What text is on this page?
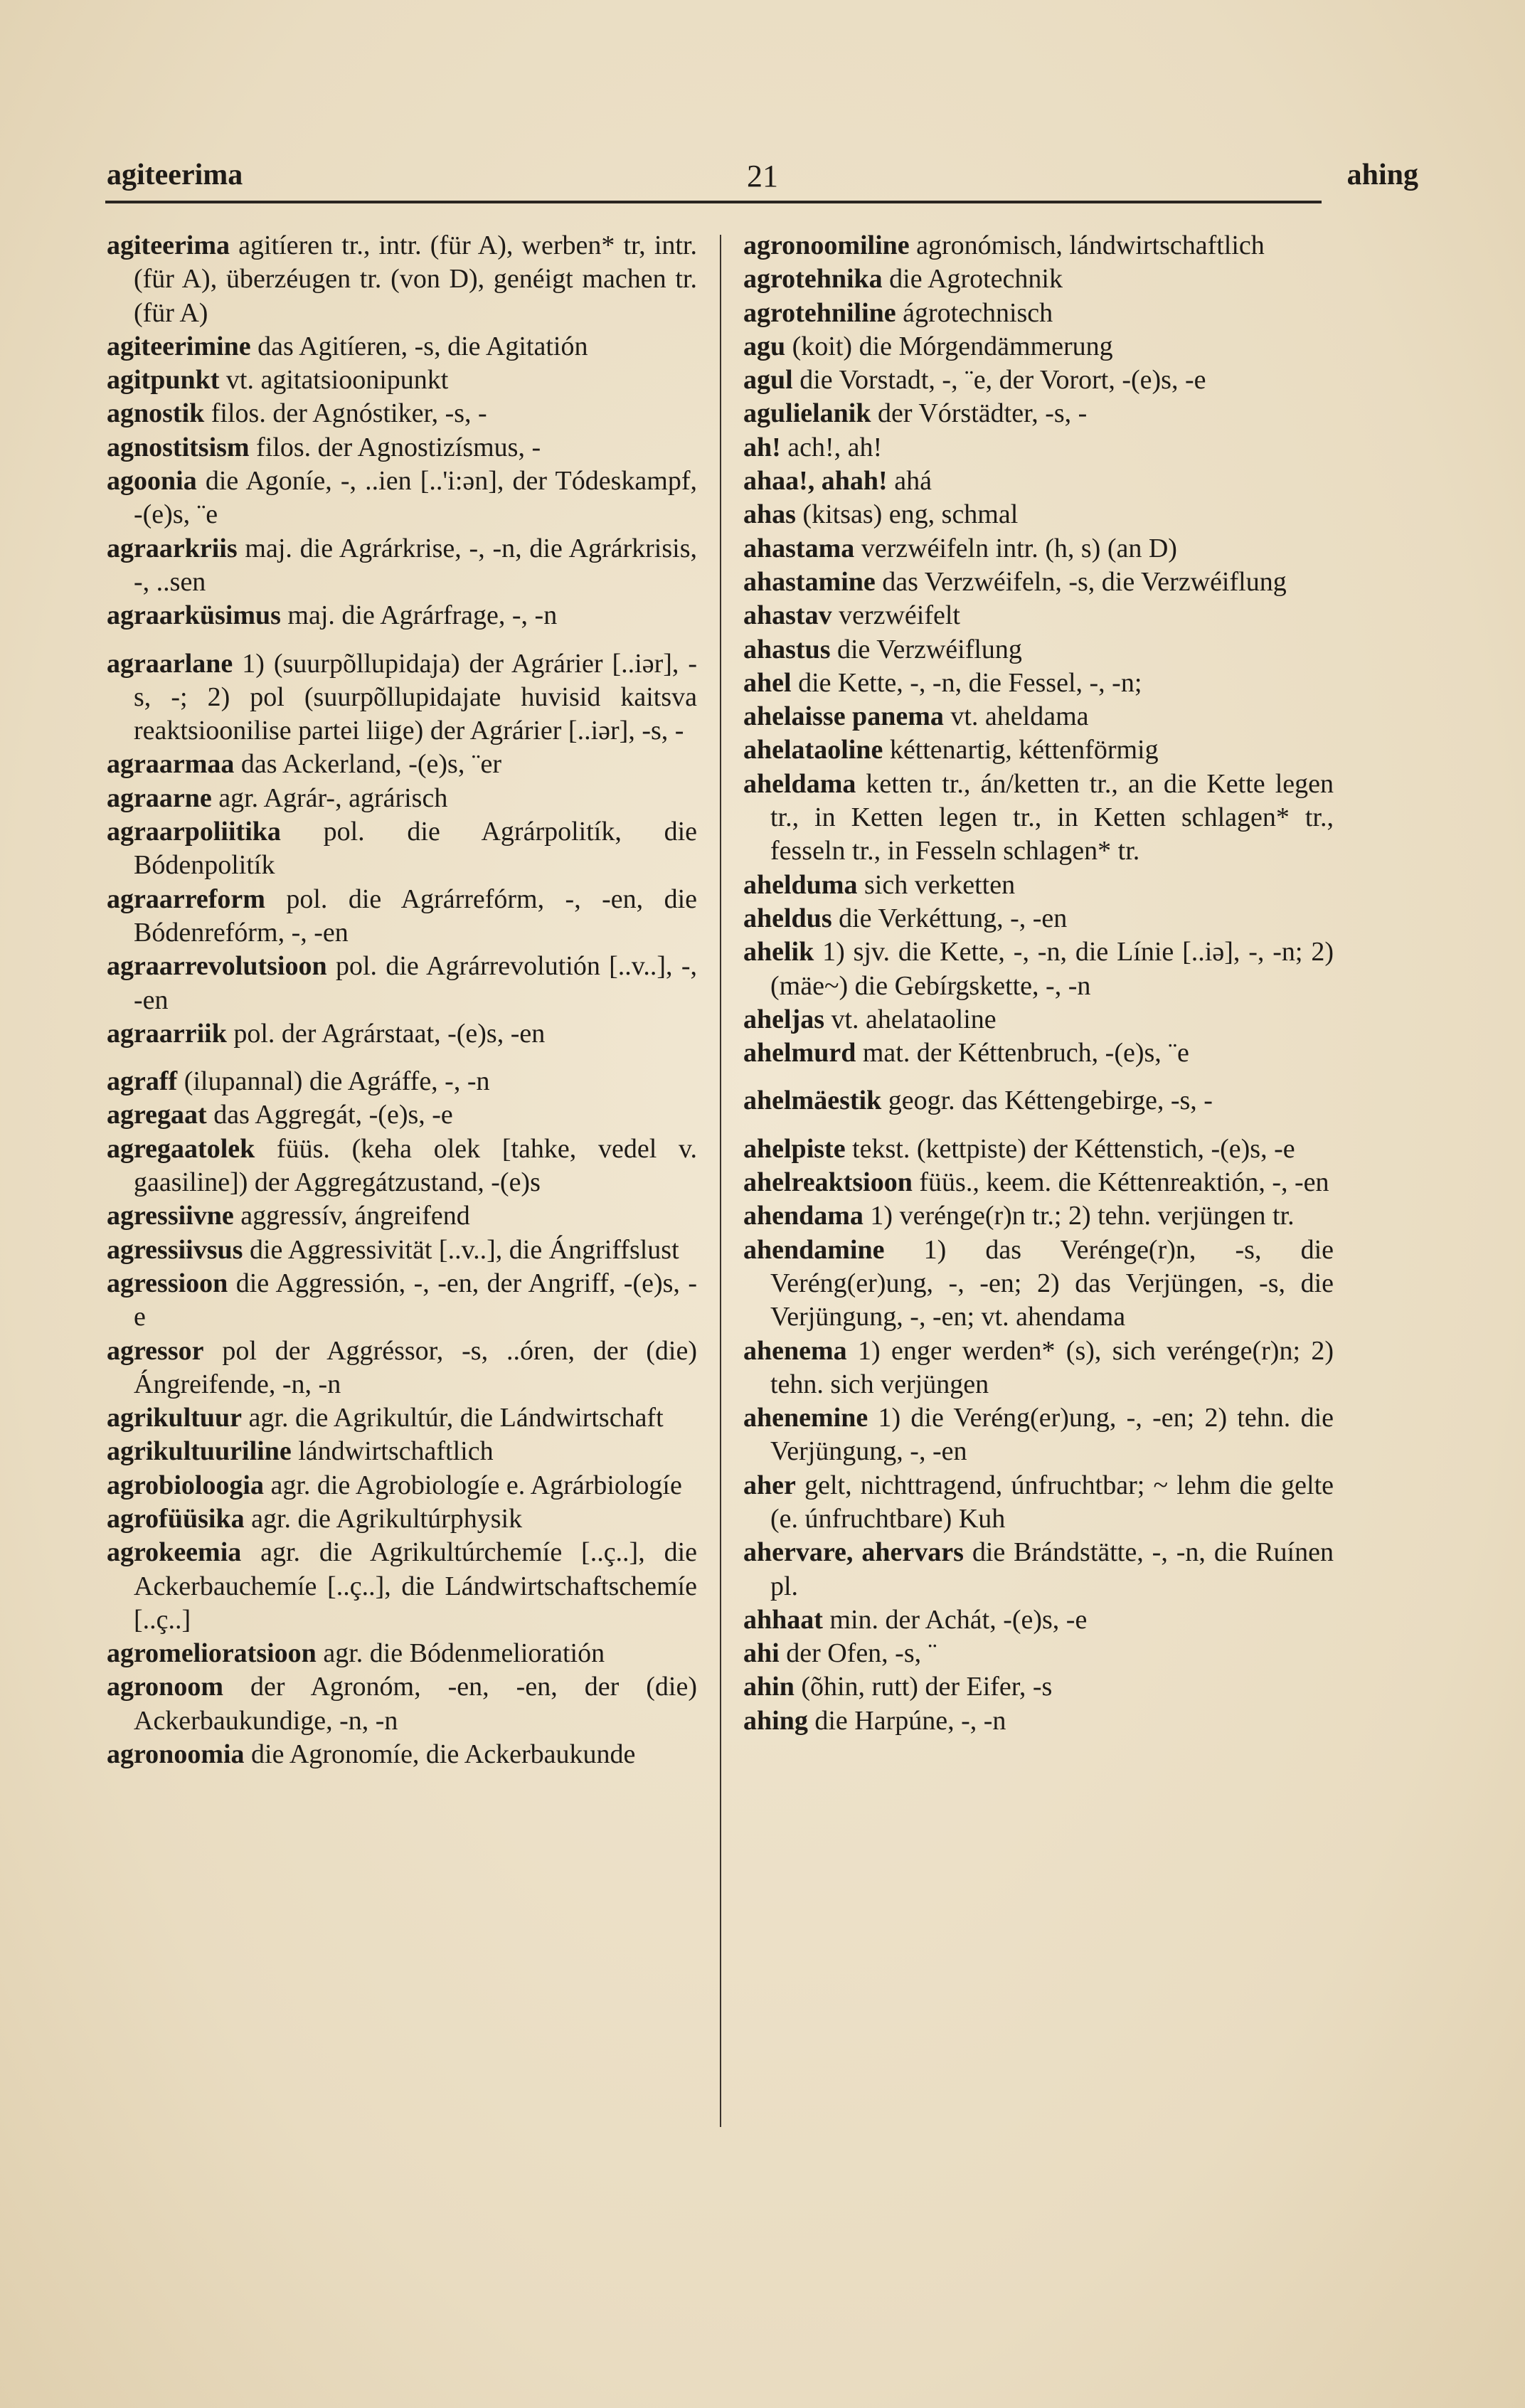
agiteerima	21	ahing

agiteerima agitíeren tr., intr. (für A), werben* tr, intr. (für A), überzéugen tr. (von D), genéigt machen tr. (für A)

agiteerimine das Agitíeren, -s, die Agitatión

agitpunkt vt. agitatsioonipunkt

agnostik filos. der Agnóstiker, -s, -

agnostitsism filos. der Agnostizísmus, -

agoonia die Agoníe, -, ..ien [..'i:ən], der Tódeskampf, -(e)s, ¨e

agraarkriis maj. die Agrárkrise, -, -n, die Agrárkrisis, -, ..sen

agraarküsimus maj. die Agrárfrage, -, -n

agraarlane 1) (suurpõllupidaja) der Agrárier [..iər], -s, -; 2) pol (suurpõllupidajate huvisid kaitsva reaktsioonilise partei liige) der Agrárier [..iər], -s, -

agraarmaa das Ackerland, -(e)s, ¨er

agraarne agr. Agrár-, agrárisch

agraarpoliitika pol. die Agrárpolitík, die Bódenpolitík

agraarreform pol. die Agrárrefórm, -, -en, die Bódenrefórm, -, -en

agraarrevolutsioon pol. die Agrárrevolutión [..v..], -, -en

agraarriik pol. der Agrárstaat, -(e)s, -en

agraff (ilupannal) die Agráffe, -, -n

agregaat das Aggregát, -(e)s, -e

agregaatolek füüs. (keha olek [tahke, vedel v. gaasiline]) der Aggregátzustand, -(e)s

agressiivne aggressív, ángreifend

agressiivsus die Aggressivität [..v..], die Ángriffslust

agressioon die Aggressión, -, -en, der Angriff, -(e)s, -e

agressor pol der Aggréssor, -s, ..óren, der (die) Ángreifende, -n, -n

agrikultuur agr. die Agrikultúr, die Lándwirtschaft

agrikultuuriline lándwirtschaftlich

agrobioloogia agr. die Agrobiologíe e. Agrárbiologíe

agrofüüsika agr. die Agrikultúrphysik

agrokeemia agr. die Agrikultúrchemíe [..ç..], die Ackerbauchemíe [..ç..], die Lándwirtschaftschemíe [..ç..]

agromelioratsioon agr. die Bódenmelioratión

agronoom der Agronóm, -en, -en, der (die) Ackerbaukundige, -n, -n

agronoomia die Agronomíe, die Ackerbaukunde

agronoomiline agronómisch, lándwirtschaftlich

agrotehnika die Agrotechnik

agrotehniline ágrotechnisch

agu (koit) die Mórgendämmerung

agul die Vorstadt, -, ¨e, der Vorort, -(e)s, -e

agulielanik der Vórstädter, -s, -

ah! ach!, ah!

ahaa!, ahah! ahá

ahas (kitsas) eng, schmal

ahastama verzwéifeln intr. (h, s) (an D)

ahastamine das Verzwéifeln, -s, die Verzwéiflung

ahastav verzwéifelt

ahastus die Verzwéiflung

ahel die Kette, -, -n, die Fessel, -, -n;

ahelaisse panema vt. aheldama

ahelataoline kéttenartig, kéttenförmig

aheldama ketten tr., án/ketten tr., an die Kette legen tr., in Ketten legen tr., in Ketten schlagen* tr., fesseln tr., in Fesseln schlagen* tr.

ahelduma sich verketten

aheldus die Verkéttung, -, -en

ahelik 1) sjv. die Kette, -, -n, die Línie [..iə], -, -n; 2) (mäe~) die Gebírgskette, -, -n

aheljas vt. ahelataoline

ahelmurd mat. der Kéttenbruch, -(e)s, ¨e

ahelmäestik geogr. das Kéttengebirge, -s, -

ahelpiste tekst. (kettpiste) der Kéttenstich, -(e)s, -e

ahelreaktsioon füüs., keem. die Kéttenreaktión, -, -en

ahendama 1) verénge(r)n tr.; 2) tehn. verjüngen tr.

ahendamine 1) das Verénge(r)n, -s, die Veréng(er)ung, -, -en; 2) das Verjüngen, -s, die Verjüngung, -, -en; vt. ahendama

ahenema 1) enger werden* (s), sich verénge(r)n; 2) tehn. sich verjüngen

ahenemine 1) die Veréng(er)ung, -, -en; 2) tehn. die Verjüngung, -, -en

aher gelt, nichttragend, únfruchtbar; ~ lehm die gelte (e. únfruchtbare) Kuh

ahervare, ahervars die Brándstätte, -, -n, die Ruínen pl.

ahhaat min. der Achát, -(e)s, -e

ahi der Ofen, -s, ¨

ahin (õhin, rutt) der Eifer, -s

ahing die Harpúne, -, -n
